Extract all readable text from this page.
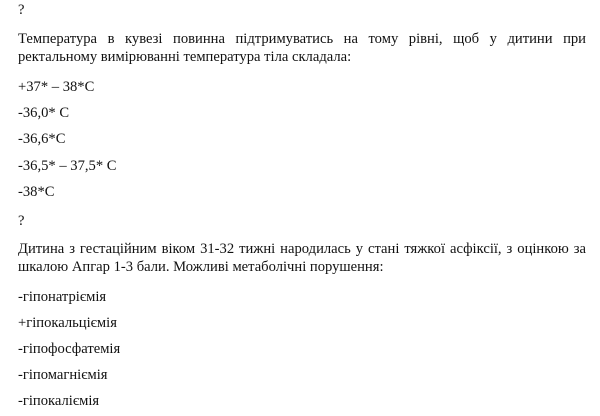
?

Температура в кувезі повинна підтримуватись на тому рівні, щоб у дитини при ректальному вимірюванні температура тіла складала:

+37* – 38*С

-36,0* С

-36,6*С

-36,5* – 37,5* С

-38*С

?

Дитина з гестаційним віком 31-32 тижні народилась у стані тяжкої асфіксії, з оцінкою за шкалою Апгар 1-3 бали. Можливі метаболічні порушення:

-гіпонатріємія

+гіпокальціємія

-гіпофосфатемія

-гіпомагніємія

-гіпокаліємія
